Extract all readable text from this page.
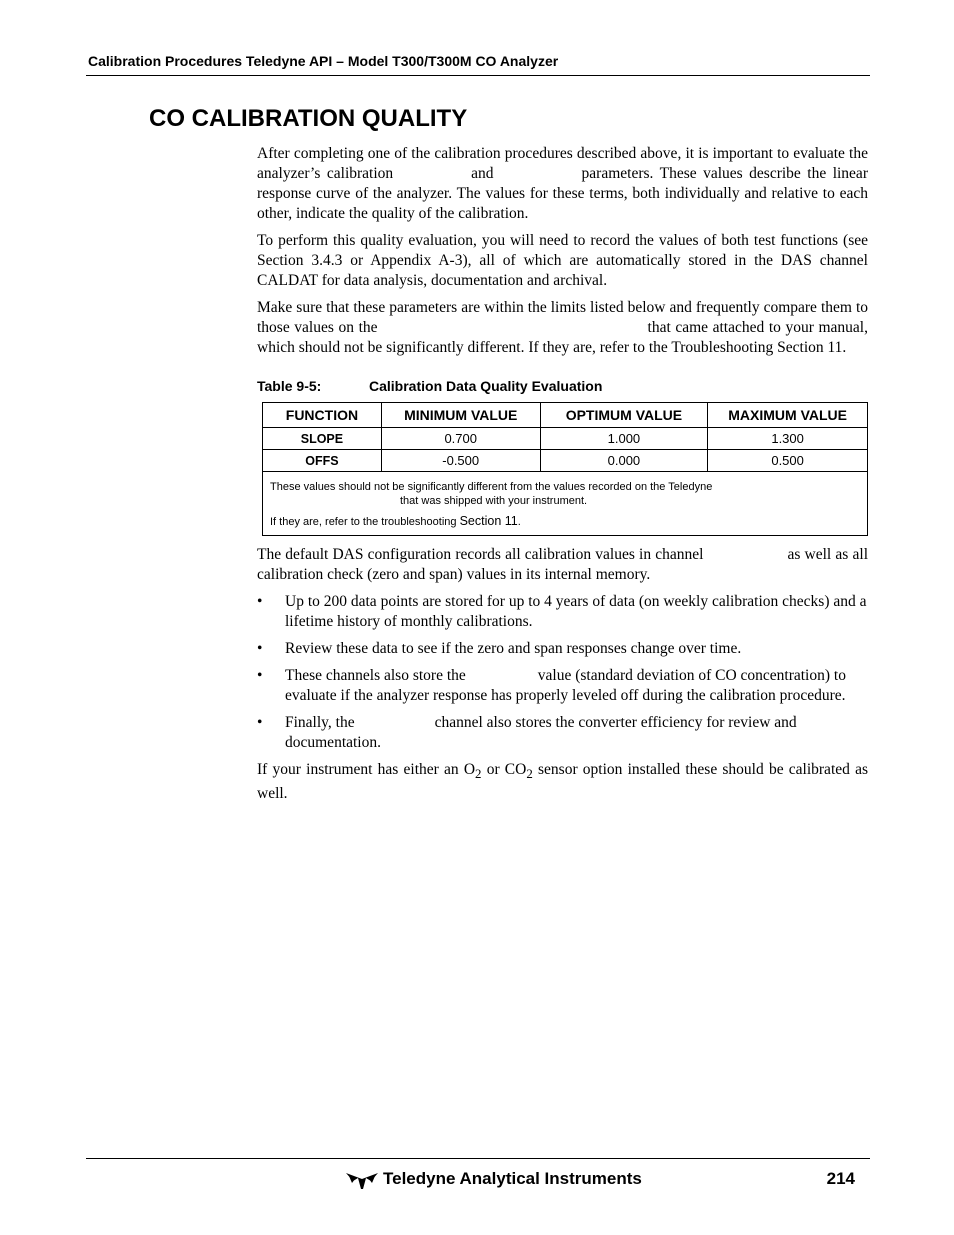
Calibration Procedures Teledyne API – Model T300/T300M CO Analyzer
CO CALIBRATION QUALITY

After completing one of the calibration procedures described above, it is important to evaluate the analyzer’s calibration	and	parameters. These values describe the linear response curve of the analyzer. The values for these terms, both individually and relative to each other, indicate the quality of the calibration.

To perform this quality evaluation, you will need to record the values of both test functions (see Section 3.4.3 or Appendix A-3), all of which are automatically stored in the DAS channel CALDAT for data analysis, documentation and archival.

Make sure that these parameters are within the limits listed below and frequently compare them to those values on the	that came attached to your manual, which should not be significantly different. If they are, refer to the Troubleshooting Section 11.

Table 9-5:	Calibration Data Quality Evaluation
FUNCTION	MINIMUM VALUE	OPTIMUM VALUE	MAXIMUM VALUE
SLOPE	0.700	1.000	1.300
OFFS	-0.500	0.000	0.500

These values should not be significantly different from the values recorded on the Teledyne
that was shipped with your instrument.
If they are, refer to the troubleshooting Section 11.			

The default DAS configuration records all calibration values in channel	as well as all calibration check (zero and span) values in its internal memory.

• Up to 200 data points are stored for up to 4 years of data (on weekly calibration checks) and a lifetime history of monthly calibrations.
• Review these data to see if the zero and span responses change over time.
• These channels also store the	value (standard deviation of CO concentration) to evaluate if the analyzer response has properly leveled off during the calibration procedure.
• Finally, the	channel also stores the converter efficiency for review and documentation.

If your instrument has either an $O_2$ or $CO_2$ sensor option installed these should be calibrated as well.

Teledyne Analytical Instruments	214
